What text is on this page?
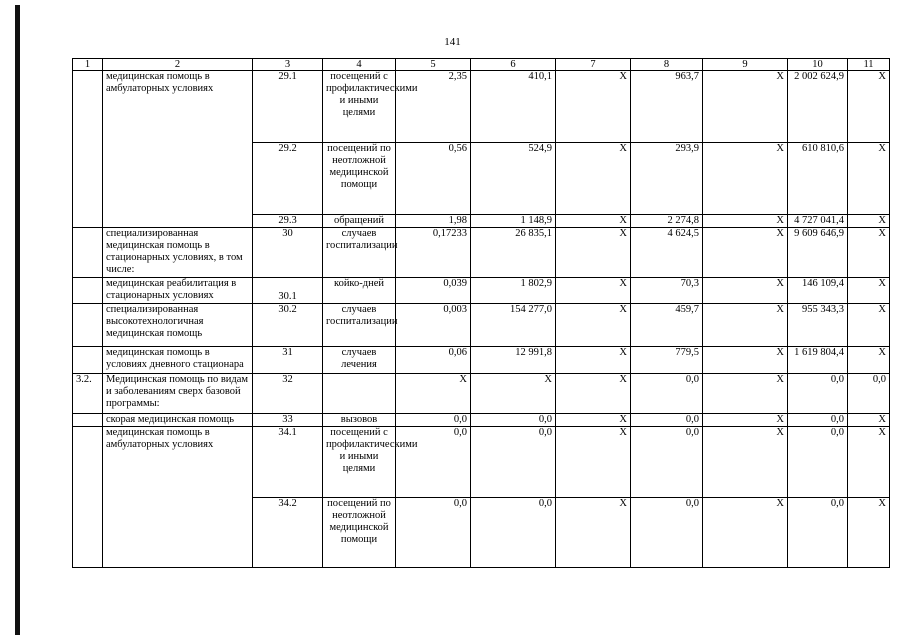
141
1	2	3	4	5	6	7	8	9	10	11
	медицинская помощь в амбулаторных условиях	29.1	посещений с профилактическими и иными целями	2,35	410,1	Х	963,7	Х	2 002 624,9	Х
		29.2	посещений по неотложной медицинской помощи	0,56	524,9	Х	293,9	Х	610 810,6	Х
		29.3	обращений	1,98	1 148,9	Х	2 274,8	Х	4 727 041,4	Х
	специализированная медицинская помощь в стационарных условиях, в том числе:	30	случаев госпитализации	0,17233	26 835,1	Х	4 624,5	Х	9 609 646,9	Х
	медицинская реабилитация в стационарных условиях	30.1	койко-дней	0,039	1 802,9	Х	70,3	Х	146 109,4	Х
	специализированная высокотехнологичная медицинская помощь	30.2	случаев госпитализации	0,003	154 277,0	Х	459,7	Х	955 343,3	Х
	медицинская помощь в условиях дневного стационара	31	случаев лечения	0,06	12 991,8	Х	779,5	Х	1 619 804,4	Х
3.2.	Медицинская помощь по видам и заболеваниям сверх базовой программы:	32		Х	Х	Х	0,0	Х	0,0	0,0
	скорая медицинская помощь	33	вызовов	0,0	0,0	Х	0,0	Х	0,0	Х
	медицинская помощь в амбулаторных условиях	34.1	посещений с профилактическими и иными целями	0,0	0,0	Х	0,0	Х	0,0	Х
		34.2	посещений по неотложной медицинской помощи	0,0	0,0	Х	0,0	Х	0,0	Х
